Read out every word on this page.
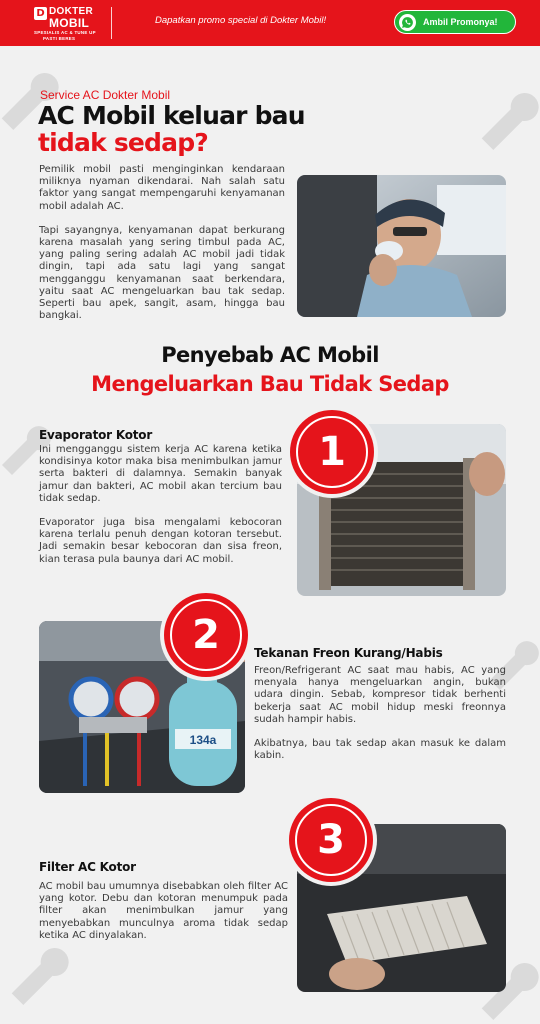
D DOKTER
MOBIL
SPESIALIS AC & TUNE UP
PASTI BERES
Dapatkan promo special di Dokter Mobil!	Ambil Promonya!
Service AC Dokter Mobil
AC Mobil keluar bau
tidak sedap?

Pemilik mobil pasti menginginkan kendaraan miliknya nyaman dikendarai. Nah salah satu faktor yang sangat mempengaruhi kenyamanan mobil adalah AC.

Tapi sayangnya, kenyamanan dapat berkurang karena masalah yang sering timbul pada AC, yang paling sering adalah AC mobil jadi tidak dingin, tapi ada satu lagi yang sangat mengganggu kenyamanan saat berkendara, yaitu saat AC mengeluarkan bau tak sedap. Seperti bau apek, sangit, asam, hingga bau bangkai.

Penyebab AC Mobil
Mengeluarkan Bau Tidak Sedap
Evaporator Kotor

Ini mengganggu sistem kerja AC karena ketika kondisinya kotor maka bisa menimbulkan jamur serta bakteri di dalamnya. Semakin banyak jamur dan bakteri, AC mobil akan tercium bau tidak sedap.

Evaporator juga bisa mengalami kebocoran karena terlalu penuh dengan kotoran tersebut. Jadi semakin besar kebocoran dan sisa freon, kian terasa pula baunya dari AC mobil.

1
134a
2	Tekanan Freon Kurang/Habis

Freon/Refrigerant AC saat mau habis, AC yang menyala hanya mengeluarkan angin, bukan udara dingin. Sebab, kompresor tidak berhenti bekerja saat AC mobil hidup meski freonnya sudah hampir habis.

Akibatnya, bau tak sedap akan masuk ke dalam kabin.

Filter AC Kotor

AC mobil bau umumnya disebabkan oleh filter AC yang kotor. Debu dan kotoran menumpuk pada filter akan menimbulkan jamur yang menyebabkan munculnya aroma tidak sedap ketika AC dinyalakan.

3
